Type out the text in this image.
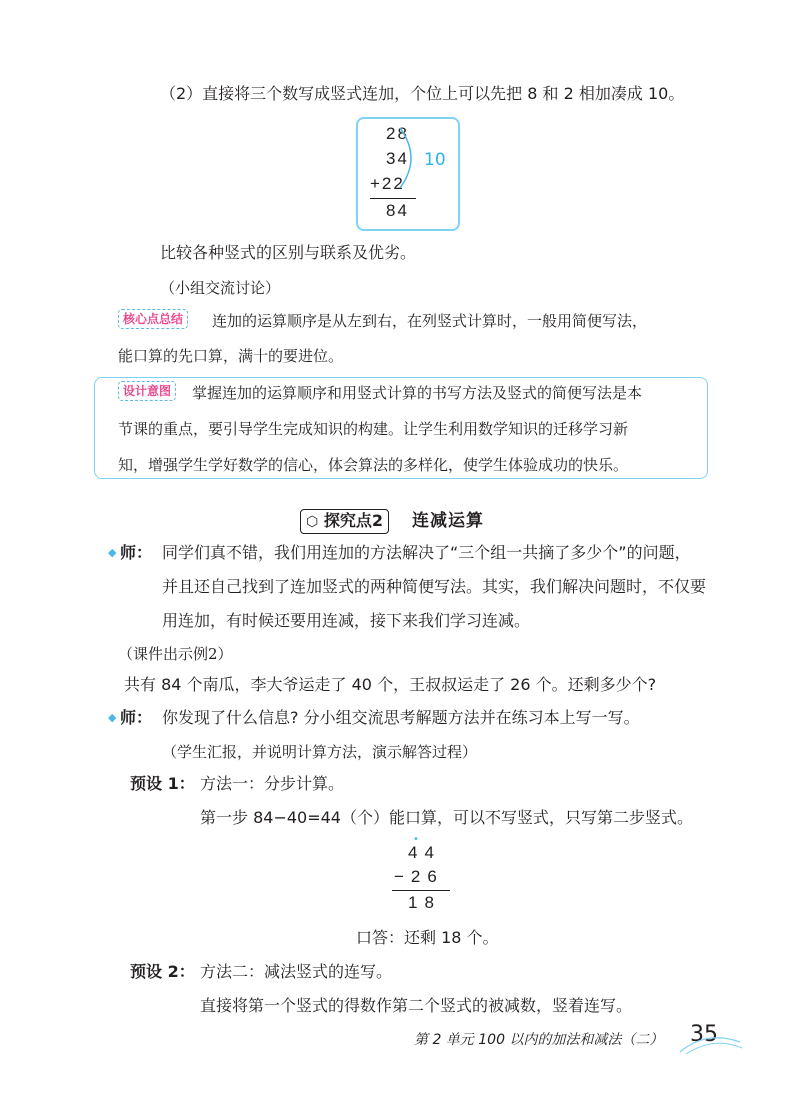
（2）直接将三个数写成竖式连加，个位上可以先把 8 和 2 相加凑成 10。
28
34
+22
84
10
比较各种竖式的区别与联系及优劣。
（小组交流讨论）
核心点总结	连加的运算顺序是从左到右，在列竖式计算时，一般用简便写法，
能口算的先口算，满十的要进位。
设计意图	掌握连加的运算顺序和用竖式计算的书写方法及竖式的简便写法是本
节课的重点，要引导学生完成知识的构建。让学生利用数学知识的迁移学习新
知，增强学生学好数学的信心，体会算法的多样化，使学生体验成功的快乐。
⬡ 探究点2 连减运算
◆ 师： 同学们真不错，我们用连加的方法解决了“三个组一共摘了多少个”的问题，
并且还自己找到了连加竖式的两种简便写法。其实，我们解决问题时，不仅要
用连加，有时候还要用连减，接下来我们学习连减。
（课件出示例2）
共有 84 个南瓜，李大爷运走了 40 个，王叔叔运走了 26 个。还剩多少个?
◆ 师： 你发现了什么信息? 分小组交流思考解题方法并在练习本上写一写。
（学生汇报，并说明计算方法，演示解答过程）
预设 1： 方法一：分步计算。
第一步 84−40=44（个）能口算，可以不写竖式，只写第二步竖式。
•
44
−26
18
口答：还剩 18 个。
预设 2： 方法二：减法竖式的连写。
直接将第一个竖式的得数作第二个竖式的被减数，竖着连写。
第 2 单元 100 以内的加法和减法（二） 35
